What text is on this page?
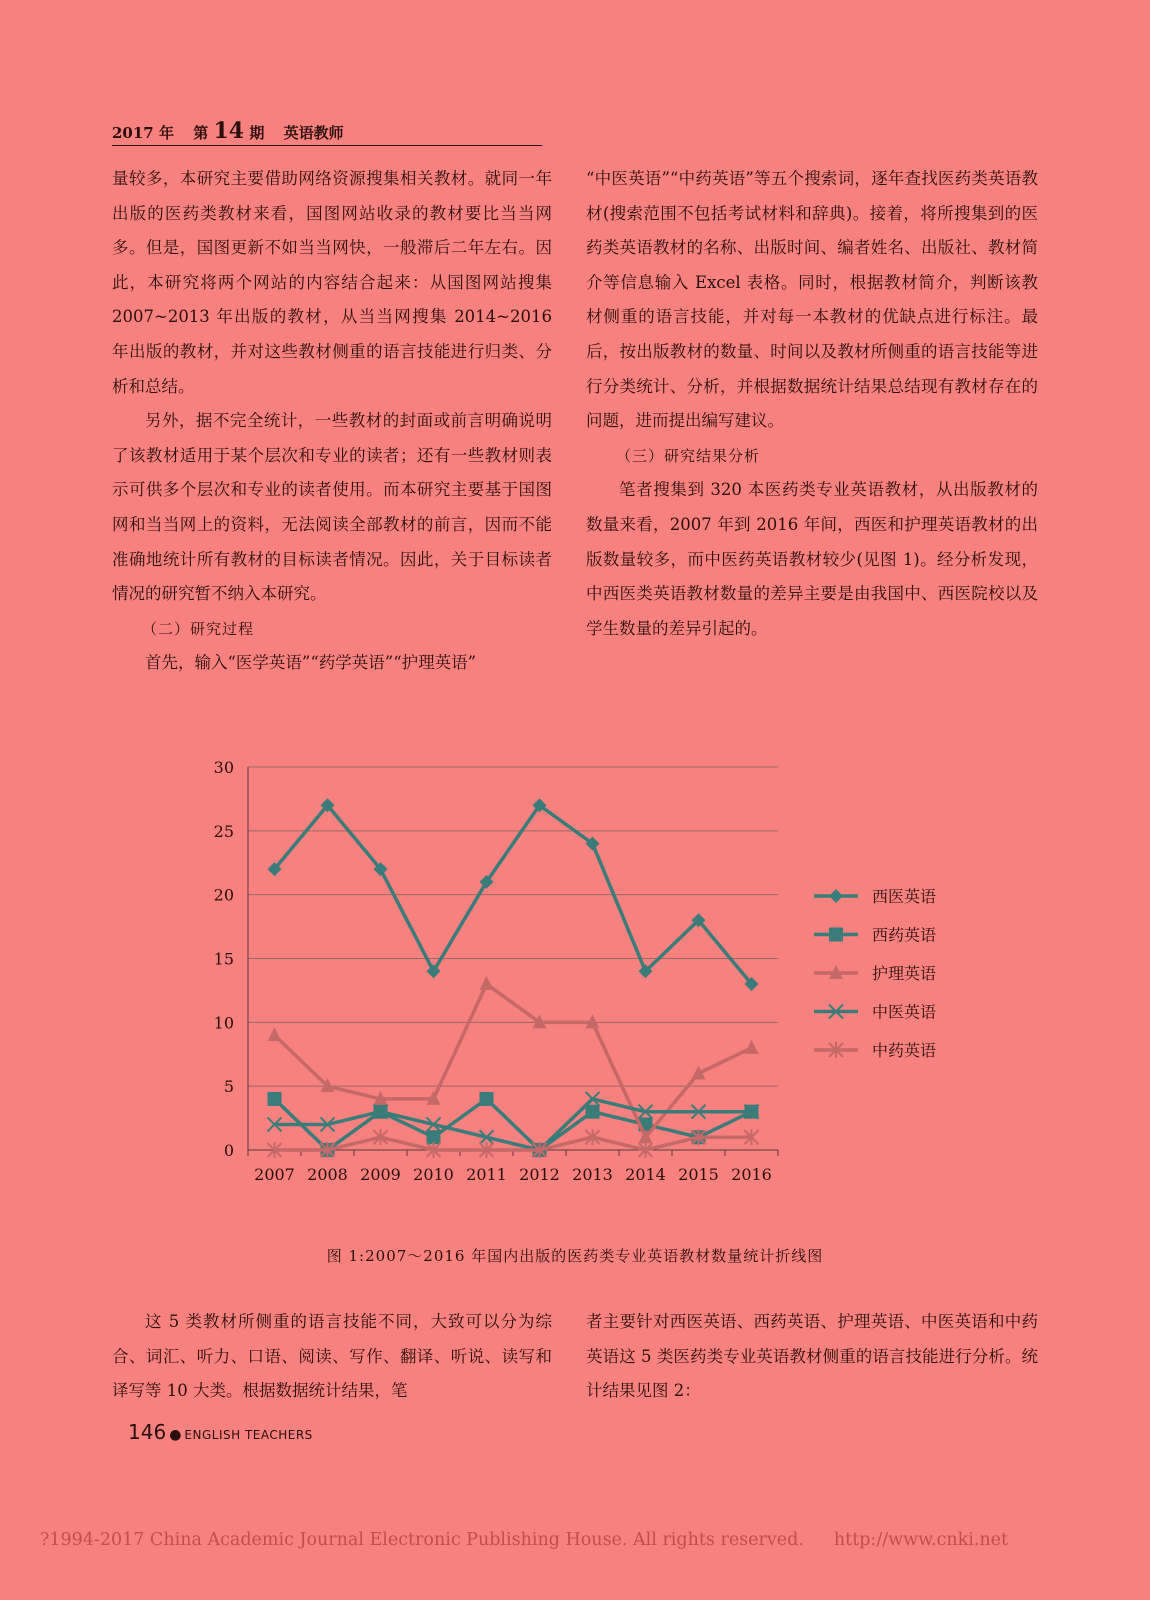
2017 年 第 14 期 英语教师

量较多，本研究主要借助网络资源搜集相关教材。就同一年出版的医药类教材来看，国图网站收录的教材要比当当网多。但是，国图更新不如当当网快，一般滞后二年左右。因此，本研究将两个网站的内容结合起来：从国图网站搜集 2007~2013 年出版的教材，从当当网搜集 2014~2016 年出版的教材，并对这些教材侧重的语言技能进行归类、分析和总结。

另外，据不完全统计，一些教材的封面或前言明确说明了该教材适用于某个层次和专业的读者；还有一些教材则表示可供多个层次和专业的读者使用。而本研究主要基于国图网和当当网上的资料，无法阅读全部教材的前言，因而不能准确地统计所有教材的目标读者情况。因此，关于目标读者情况的研究暂不纳入本研究。

（二）研究过程

首先，输入“医学英语”“药学英语”“护理英语”

“中医英语”“中药英语”等五个搜索词，逐年查找医药类英语教材(搜索范围不包括考试材料和辞典)。接着，将所搜集到的医药类英语教材的名称、出版时间、编者姓名、出版社、教材简介等信息输入 Excel 表格。同时，根据教材简介，判断该教材侧重的语言技能，并对每一本教材的优缺点进行标注。最后，按出版教材的数量、时间以及教材所侧重的语言技能等进行分类统计、分析，并根据数据统计结果总结现有教材存在的问题，进而提出编写建议。

（三）研究结果分析

笔者搜集到 320 本医药类专业英语教材，从出版教材的数量来看，2007 年到 2016 年间，西医和护理英语教材的出版数量较多，而中医药英语教材较少(见图 1)。经分析发现，中西医类英语教材数量的差异主要是由我国中、西医院校以及学生数量的差异引起的。

0
5
10
15
20
25
30
2007 2008 2009 2010 2011 2012 2013 2014 2015 2016
西医英语
西药英语
护理英语
中医英语
中药英语
图 1:2007～2016 年国内出版的医药类专业英语教材数量统计折线图

这 5 类教材所侧重的语言技能不同，大致可以分为综合、词汇、听力、口语、阅读、写作、翻译、听说、读写和译写等 10 大类。根据数据统计结果，笔

者主要针对西医英语、西药英语、护理英语、中医英语和中药英语这 5 类医药类专业英语教材侧重的语言技能进行分析。统计结果见图 2：

146 ● ENGLISH TEACHERS
?1994-2017 China Academic Journal Electronic Publishing House. All rights reserved. http://www.cnki.net
